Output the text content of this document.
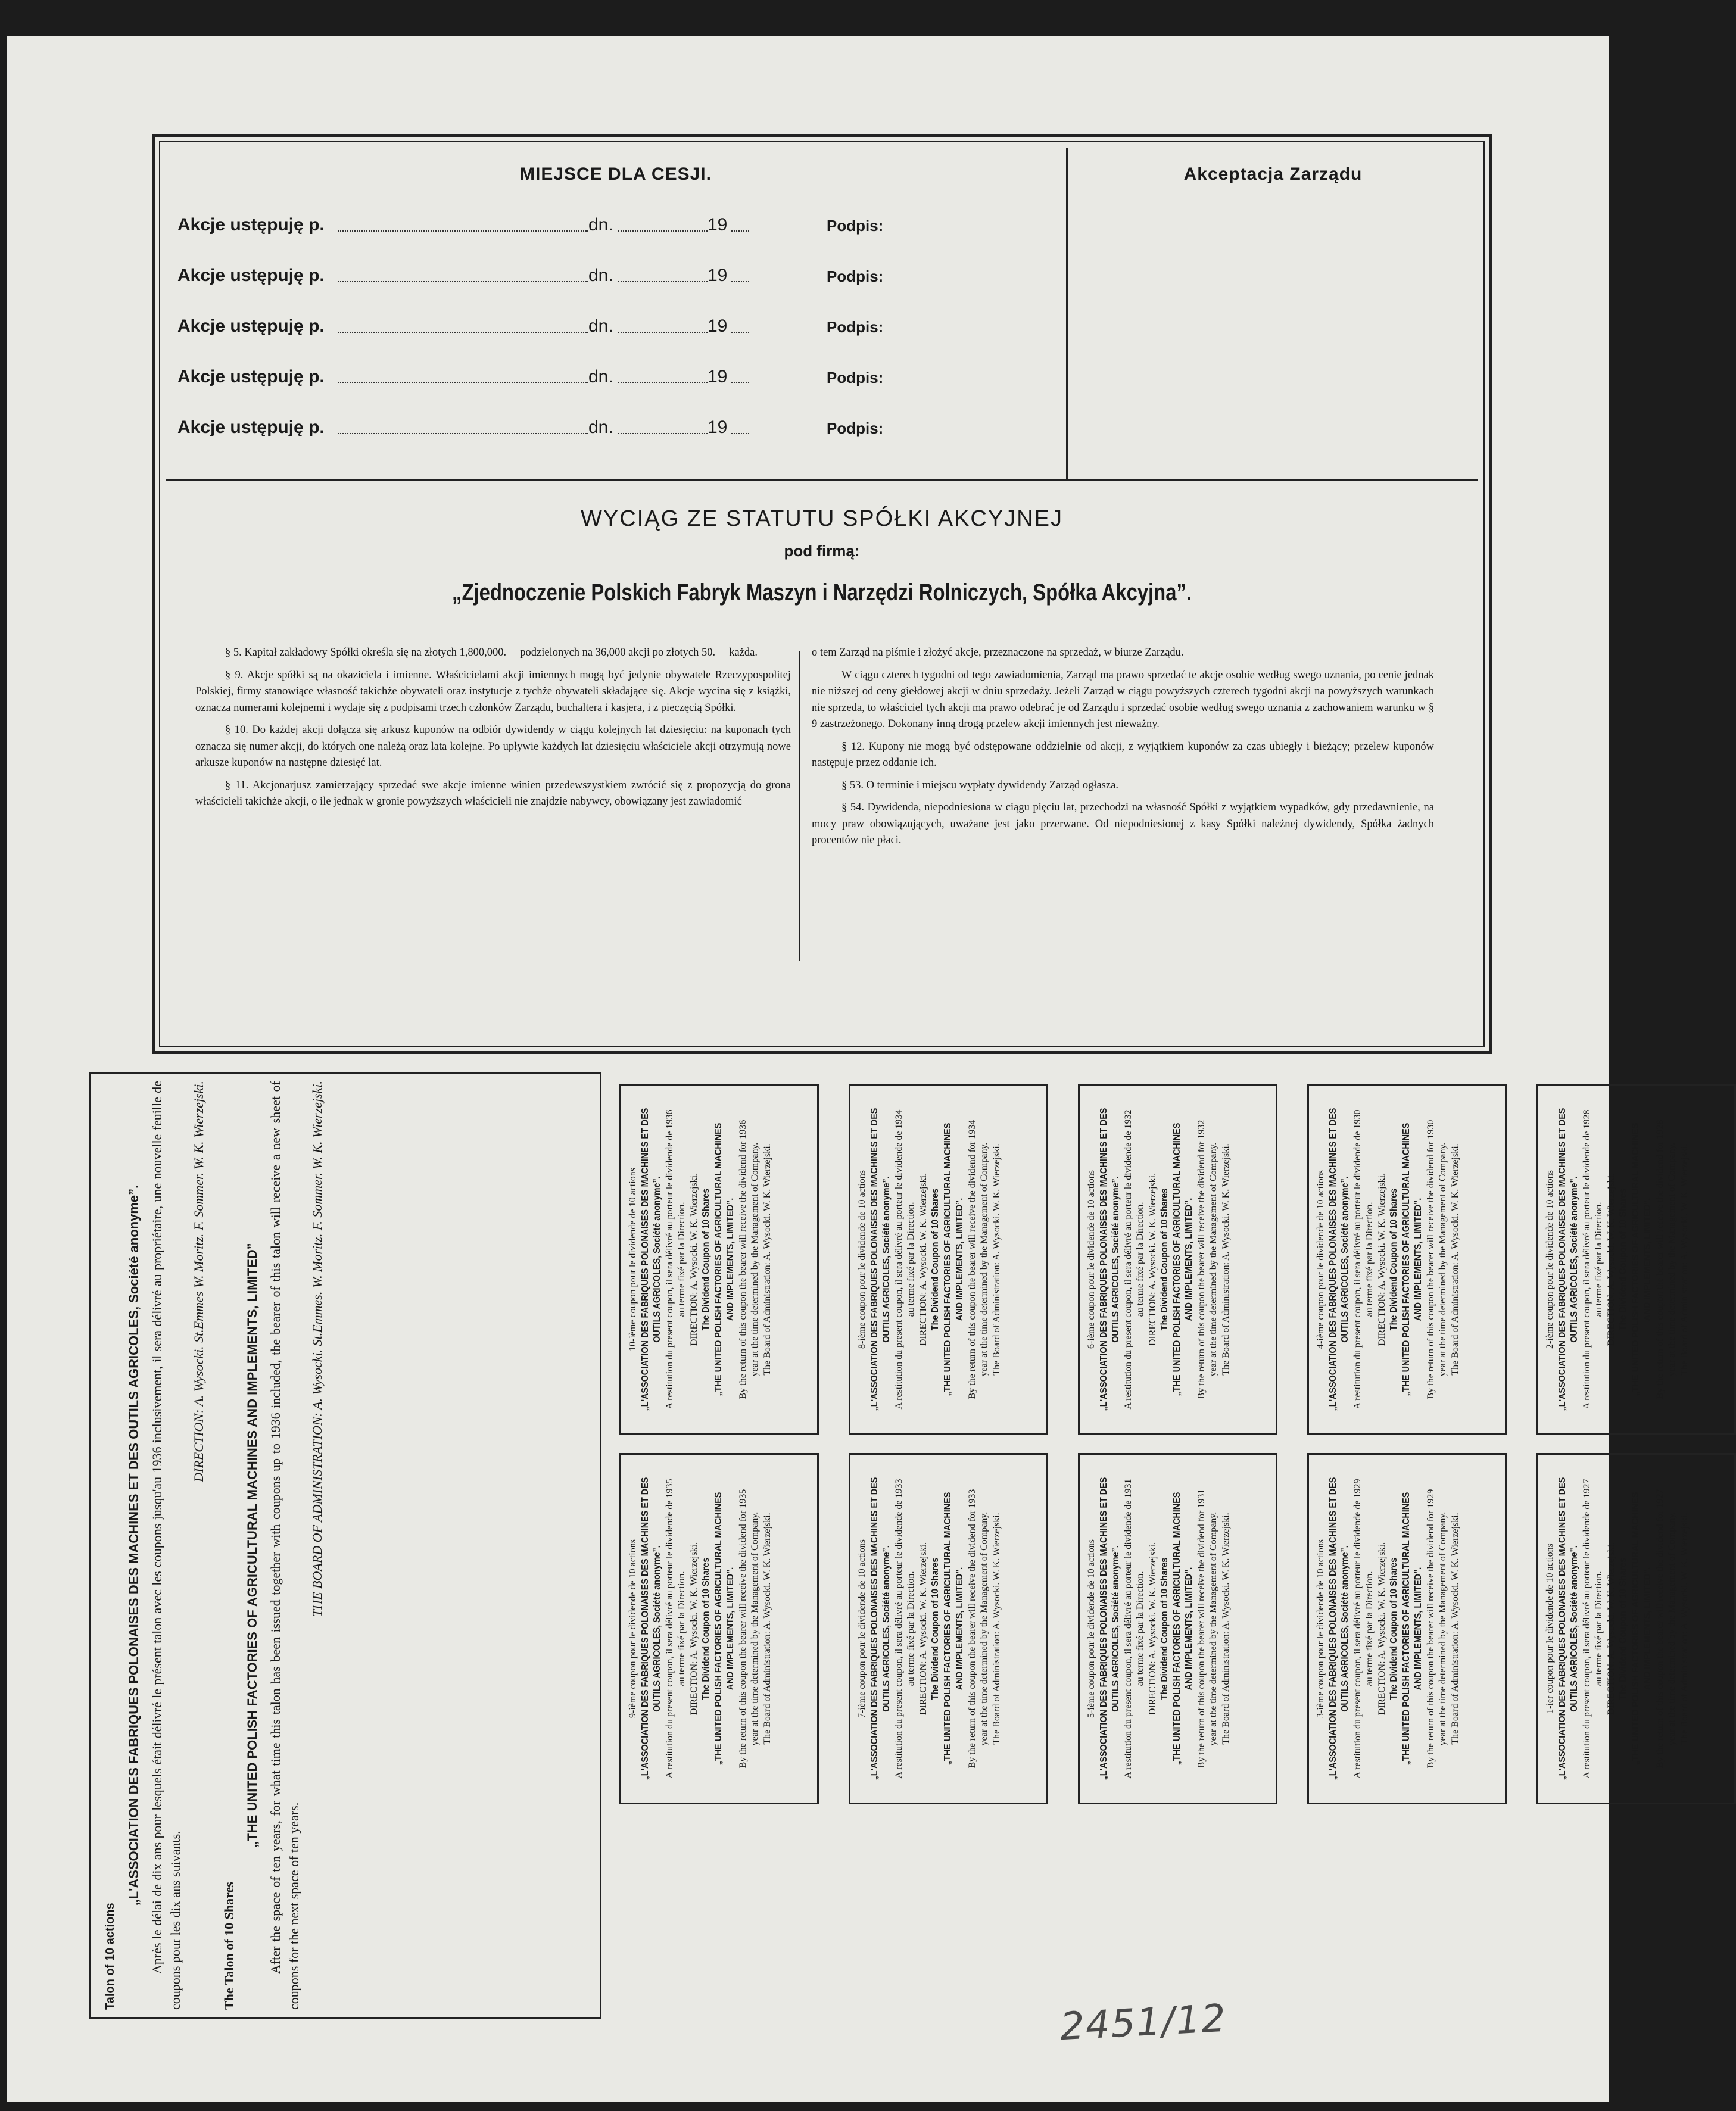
MIEJSCE DLA CESJI.
Akcje ustępuję p.	dn.	19	Podpis:
Akcje ustępuję p.	dn.	19	Podpis:
Akcje ustępuję p.	dn.	19	Podpis:
Akcje ustępuję p.	dn.	19	Podpis:
Akcje ustępuję p.	dn.	19	Podpis:
Akceptacja Zarządu
WYCIĄG ZE STATUTU SPÓŁKI AKCYJNEJ
pod firmą:
„Zjednoczenie Polskich Fabryk Maszyn i Narzędzi Rolniczych, Spółka Akcyjna”.

§ 5. Kapitał zakładowy Spółki określa się na złotych 1,800,000.— podzielonych na 36,000 akcji po złotych 50.— każda.

§ 9. Akcje spółki są na okaziciela i imienne. Właścicielami akcji imiennych mogą być jedynie obywatele Rzeczypospolitej Polskiej, firmy stanowiące własność takichże obywateli oraz instytucje z tychże obywateli składające się. Akcje wycina się z książki, oznacza numerami kolejnemi i wydaje się z podpisami trzech członków Zarządu, buchaltera i kasjera, i z pieczęcią Spółki.

§ 10. Do każdej akcji dołącza się arkusz kuponów na odbiór dywidendy w ciągu kolejnych lat dziesięciu: na kuponach tych oznacza się numer akcji, do których one należą oraz lata kolejne. Po upływie każdych lat dziesięciu właściciele akcji otrzymują nowe arkusze kuponów na następne dziesięć lat.

§ 11. Akcjonarjusz zamierzający sprzedać swe akcje imienne winien przedewszystkiem zwrócić się z propozycją do grona właścicieli takichże akcji, o ile jednak w gronie powyższych właścicieli nie znajdzie nabywcy, obowiązany jest zawiadomić

o tem Zarząd na piśmie i złożyć akcje, przeznaczone na sprzedaż, w biurze Zarządu.

W ciągu czterech tygodni od tego zawiadomienia, Zarząd ma prawo sprzedać te akcje osobie według swego uznania, po cenie jednak nie niższej od ceny giełdowej akcji w dniu sprzedaży. Jeżeli Zarząd w ciągu powyższych czterech tygodni akcji na powyższych warunkach nie sprzeda, to właściciel tych akcji ma prawo odebrać je od Zarządu i sprzedać osobie według swego uznania z zachowaniem warunku w § 9 zastrzeżonego. Dokonany inną drogą przelew akcji imiennych jest nieważny.

§ 12. Kupony nie mogą być odstępowane oddzielnie od akcji, z wyjątkiem kuponów za czas ubiegły i bieżący; przelew kuponów następuje przez oddanie ich.

§ 53. O terminie i miejscu wypłaty dywidendy Zarząd ogłasza.

§ 54. Dywidenda, niepodniesiona w ciągu pięciu lat, przechodzi na własność Spółki z wyjątkiem wypadków, gdy przedawnienie, na mocy praw obowiązujących, uważane jest jako przerwane. Od niepodniesionej z kasy Spółki należnej dywidendy, Spółka żadnych procentów nie płaci.

Talon of 10 actions

„L'ASSOCIATION DES FABRIQUES POLONAISES DES MACHINES ET DES OUTILS AGRICOLES, Société anonyme”. Après le délai de dix ans pour lesquels était délivré le présent talon avec les coupons jusqu'au 1936 inclusivement, il sera délivré au propriétaire, une nouvelle feuille de coupons pour les dix ans suivants.

DIRECTION: A. Wysocki. St.Emmes W. Moritz. F. Sommer. W. K. Wierzejski.

The Talon of 10 Shares

„THE UNITED POLISH FACTORIES OF AGRICULTURAL MACHINES AND IMPLEMENTS, LIMITED” After the space of ten years, for what time this talon has been issued together with coupons up to 1936 included, the bearer of this talon will receive a new sheet of coupons for the next space of ten years.

THE BOARD OF ADMINISTRATION: A. Wysocki. St.Emmes. W. Moritz. F. Sommer. W. K. Wierzejski.	10-ième coupon pour le dividende de 10 actions „L'ASSOCIATION DES FABRIQUES POLONAISES DES MACHINES ET DES OUTILS AGRICOLES, Société anonyme”. A restitution du present coupon, il sera délivré au porteur le dividende de 1936 au terme fixé par la Direction. DIRECTION: A. Wysocki. W. K. Wierzejski. The Dividend Coupon of 10 Shares „THE UNITED POLISH FACTORIES OF AGRICULTURAL MACHINES AND IMPLEMENTS, LIMITED”. By the return of this coupon the bearer will receive the dividend for 1936 year at the time determined by the Management of Company. The Board of Administration: A. Wysocki. W. K. Wierzejski.	8-ième coupon pour le dividende de 10 actions „L'ASSOCIATION DES FABRIQUES POLONAISES DES MACHINES ET DES OUTILS AGRICOLES, Société anonyme”. A restitution du present coupon, il sera délivré au porteur le dividende de 1934 au terme fixé par la Direction. DIRECTION: A. Wysocki. W. K. Wierzejski. The Dividend Coupon of 10 Shares „THE UNITED POLISH FACTORIES OF AGRICULTURAL MACHINES AND IMPLEMENTS, LIMITED”. By the return of this coupon the bearer will receive the dividend for 1934 year at the time determined by the Management of Company. The Board of Administration: A. Wysocki. W. K. Wierzejski.	6-ième coupon pour le dividende de 10 actions „L'ASSOCIATION DES FABRIQUES POLONAISES DES MACHINES ET DES OUTILS AGRICOLES, Société anonyme”. A restitution du present coupon, il sera délivré au porteur le dividende de 1932 au terme fixé par la Direction. DIRECTION: A. Wysocki. W. K. Wierzejski. The Dividend Coupon of 10 Shares „THE UNITED POLISH FACTORIES OF AGRICULTURAL MACHINES AND IMPLEMENTS, LIMITED”. By the return of this coupon the bearer will receive the dividend for 1932 year at the time determined by the Management of Company. The Board of Administration: A. Wysocki. W. K. Wierzejski.	4-ième coupon pour le dividende de 10 actions „L'ASSOCIATION DES FABRIQUES POLONAISES DES MACHINES ET DES OUTILS AGRICOLES, Société anonyme”. A restitution du present coupon, il sera délivré au porteur le dividende de 1930 au terme fixé par la Direction. DIRECTION: A. Wysocki. W. K. Wierzejski. The Dividend Coupon of 10 Shares „THE UNITED POLISH FACTORIES OF AGRICULTURAL MACHINES AND IMPLEMENTS, LIMITED”. By the return of this coupon the bearer will receive the dividend for 1930 year at the time determined by the Management of Company. The Board of Administration: A. Wysocki. W. K. Wierzejski.	2-ième coupon pour le dividende de 10 actions „L'ASSOCIATION DES FABRIQUES POLONAISES DES MACHINES ET DES OUTILS AGRICOLES, Société anonyme”. A restitution du present coupon, il sera délivré au porteur le dividende de 1928 au terme fixé par la Direction. DIRECTION: A. Wysocki. W. K. Wierzejski. The Dividend Coupon of 10 Shares „THE UNITED POLISH FACTORIES OF AGRICULTURAL MACHINES AND IMPLEMENTS, LIMITED”. By the return of this coupon the bearer will receive the dividend for 1928 year at the time determined by the Management of Company. The Board of Administration: A. Wysocki. W. K. Wierzejski.
9-ième coupon pour le dividende de 10 actions „L'ASSOCIATION DES FABRIQUES POLONAISES DES MACHINES ET DES OUTILS AGRICOLES, Société anonyme”. A restitution du present coupon, il sera délivré au porteur le dividende de 1935 au terme fixé par la Direction. DIRECTION: A. Wysocki. W. K. Wierzejski. The Dividend Coupon of 10 Shares „THE UNITED POLISH FACTORIES OF AGRICULTURAL MACHINES AND IMPLEMENTS, LIMITED”. By the return of this coupon the bearer will receive the dividend for 1935 year at the time determined by the Management of Company. The Board of Administration: A. Wysocki. W. K. Wierzejski.	7-ième coupon pour le dividende de 10 actions „L'ASSOCIATION DES FABRIQUES POLONAISES DES MACHINES ET DES OUTILS AGRICOLES, Société anonyme”. A restitution du present coupon, il sera délivré au porteur le dividende de 1933 au terme fixé par la Direction. DIRECTION: A. Wysocki. W. K. Wierzejski. The Dividend Coupon of 10 Shares „THE UNITED POLISH FACTORIES OF AGRICULTURAL MACHINES AND IMPLEMENTS, LIMITED”. By the return of this coupon the bearer will receive the dividend for 1933 year at the time determined by the Management of Company. The Board of Administration: A. Wysocki. W. K. Wierzejski.	5-ième coupon pour le dividende de 10 actions „L'ASSOCIATION DES FABRIQUES POLONAISES DES MACHINES ET DES OUTILS AGRICOLES, Société anonyme”. A restitution du present coupon, il sera délivré au porteur le dividende de 1931 au terme fixé par la Direction. DIRECTION: A. Wysocki. W. K. Wierzejski. The Dividend Coupon of 10 Shares „THE UNITED POLISH FACTORIES OF AGRICULTURAL MACHINES AND IMPLEMENTS, LIMITED”. By the return of this coupon the bearer will receive the dividend for 1931 year at the time determined by the Management of Company. The Board of Administration: A. Wysocki. W. K. Wierzejski.	3-ième coupon pour le dividende de 10 actions „L'ASSOCIATION DES FABRIQUES POLONAISES DES MACHINES ET DES OUTILS AGRICOLES, Société anonyme”. A restitution du present coupon, il sera délivré au porteur le dividende de 1929 au terme fixé par la Direction. DIRECTION: A. Wysocki. W. K. Wierzejski. The Dividend Coupon of 10 Shares „THE UNITED POLISH FACTORIES OF AGRICULTURAL MACHINES AND IMPLEMENTS, LIMITED”. By the return of this coupon the bearer will receive the dividend for 1929 year at the time determined by the Management of Company. The Board of Administration: A. Wysocki. W. K. Wierzejski.	1-ier coupon pour le dividende de 10 actions „L'ASSOCIATION DES FABRIQUES POLONAISES DES MACHINES ET DES OUTILS AGRICOLES, Société anonyme”. A restitution du present coupon, il sera délivré au porteur le dividende de 1927 au terme fixé par la Direction. DIRECTION: A. Wysocki. W. K. Wierzejski. The Dividend Coupon of 10 Shares „THE UNITED POLISH FACTORIES OF AGRICULTURAL MACHINES AND IMPLEMENTS, LIMITED”. By the return of this coupon the bearer will receive the dividend for 1927 year at the time determined by the Management of Company. The Board of Administration: A. Wysocki. W. K. Wierzejski.
2451/12
